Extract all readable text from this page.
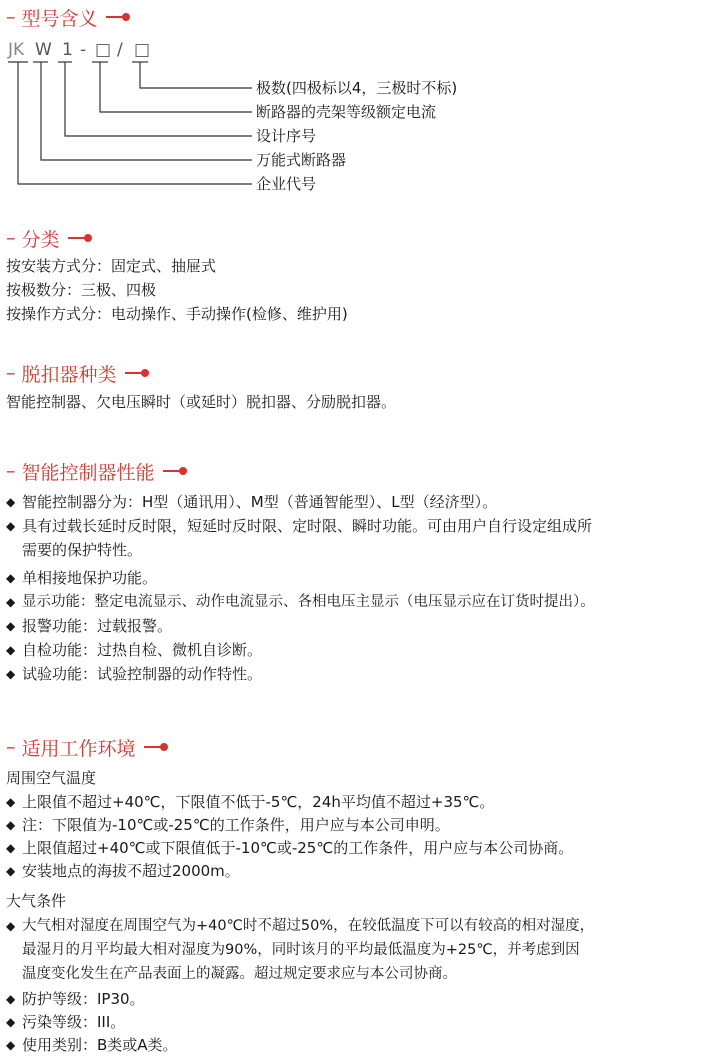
– 型号含义
JK W 1 - □ / □
极数(四极标以4，三极时不标)
断路器的壳架等级额定电流
设计序号
万能式断路器
企业代号
– 分类

按安装方式分：固定式、抽屉式

按极数分：三极、四极

按操作方式分：电动操作、手动操作(检修、维护用)

– 脱扣器种类

智能控制器、欠电压瞬时（或延时）脱扣器、分励脱扣器。

– 智能控制器性能
◆ 智能控制器分为：H型（通讯用）、M型（普通智能型）、L型（经济型）。
◆ 具有过载长延时反时限，短延时反时限、定时限、瞬时功能。可由用户自行设定组成所
需要的保护特性。
◆ 单相接地保护功能。
◆ 显示功能：整定电流显示、动作电流显示、各相电压主显示（电压显示应在订货时提出）。
◆ 报警功能：过载报警。
◆ 自检功能：过热自检、微机自诊断。
◆ 试验功能：试验控制器的动作特性。
– 适用工作环境

周围空气温度

◆ 上限值不超过+40℃，下限值不低于-5℃，24h平均值不超过+35℃。
◆ 注：下限值为-10℃或-25℃的工作条件，用户应与本公司申明。
◆ 上限值超过+40℃或下限值低于-10℃或-25℃的工作条件，用户应与本公司协商。
◆ 安装地点的海拔不超过2000m。

大气条件

◆ 大气相对湿度在周围空气为+40℃时不超过50%，在较低温度下可以有较高的相对湿度，
最湿月的月平均最大相对湿度为90%，同时该月的平均最低温度为+25℃，并考虑到因
温度变化发生在产品表面上的凝露。超过规定要求应与本公司协商。
◆ 防护等级：IP30。
◆ 污染等级：III。
◆ 使用类别：B类或A类。
